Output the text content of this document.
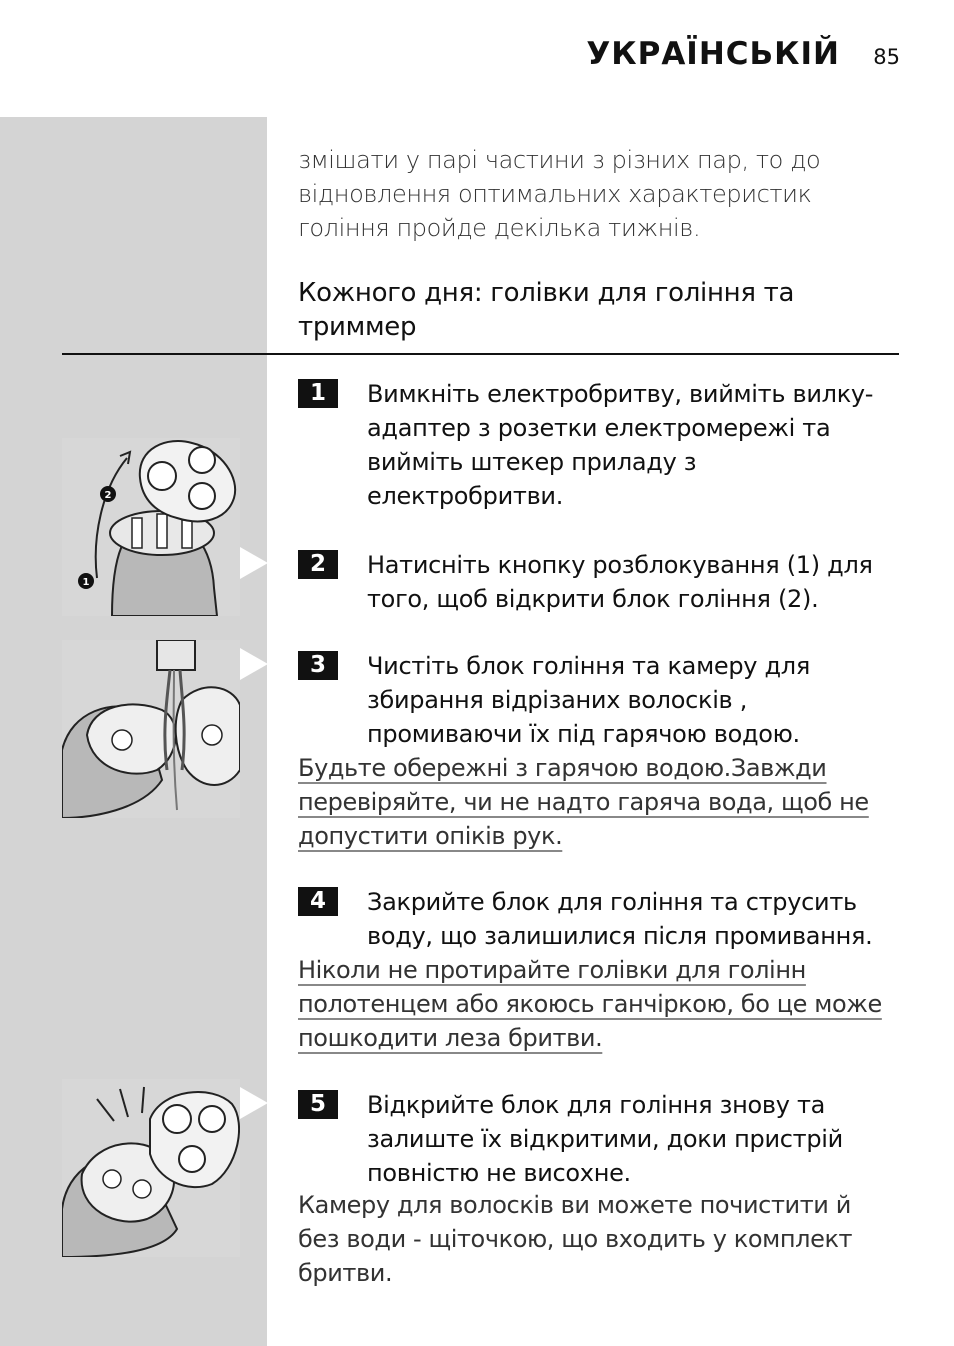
УКРАЇНСЬКІЙ 85
змішати у парі частини з різних пар, то до
відновлення оптимальних характеристик
гоління пройде декілька тижнів.
Кожного дня: голівки для гоління та
триммер
2
1
1	Вимкніть електробритву, вийміть вилку-
адаптер з розетки електромережі та
вийміть штекер приладу з
електробритви.
2	Натисніть кнопку розблокування (1) для
того, щоб відкрити блок гоління (2).
3	Чистіть блок гоління та камеру для
збирання відрізаних волосків ,
промиваючи їх під гарячою водою.
Будьте обережні з гарячою водою.Завжди
перевіряйте, чи не надто гаряча вода, щоб не
допустити опіків рук.
4	Закрийте блок для гоління та струсить
воду, що залишилися після промивання.
Ніколи не протирайте голівки для голінн
полотенцем або якоюсь ганчіркою, бо це може
пошкодити леза бритви.
5	Відкрийте блок для гоління знову та
залиште їх відкритими, доки пристрій
повністю не висохне.
Камеру для волосків ви можете почистити й
без води - щіточкою, що входить у комплект
бритви.
